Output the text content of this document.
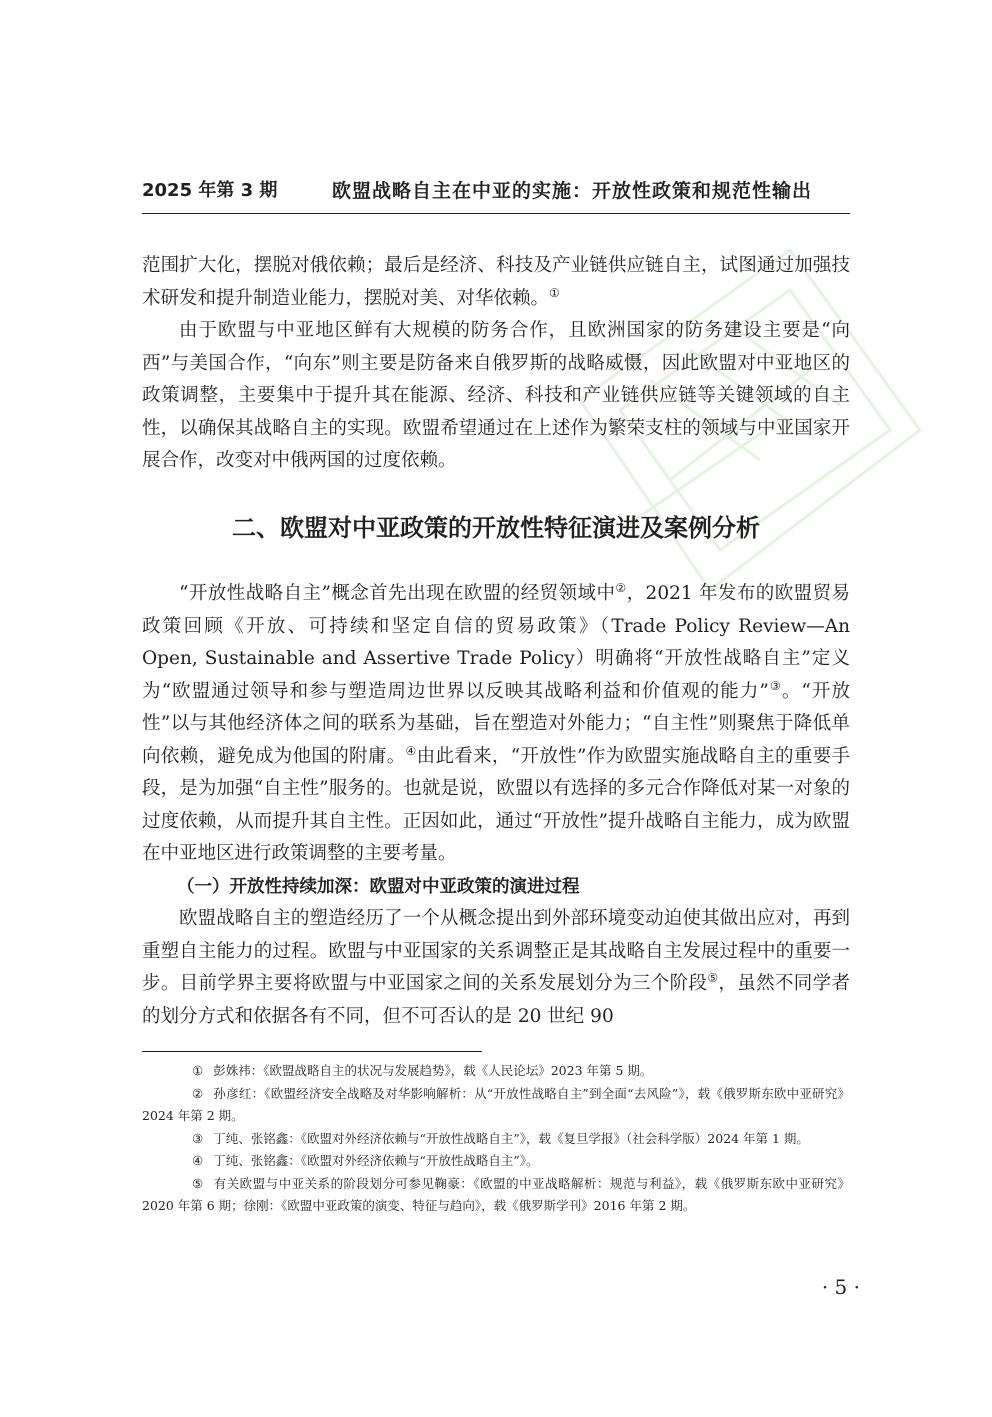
2025 年第 3 期	欧盟战略自主在中亚的实施：开放性政策和规范性输出

范围扩大化，摆脱对俄依赖；最后是经济、科技及产业链供应链自主，试图通过加强技术研发和提升制造业能力，摆脱对美、对华依赖。①

由于欧盟与中亚地区鲜有大规模的防务合作，且欧洲国家的防务建设主要是“向西”与美国合作，“向东”则主要是防备来自俄罗斯的战略威慑，因此欧盟对中亚地区的政策调整，主要集中于提升其在能源、经济、科技和产业链供应链等关键领域的自主性，以确保其战略自主的实现。欧盟希望通过在上述作为繁荣支柱的领域与中亚国家开展合作，改变对中俄两国的过度依赖。

二、欧盟对中亚政策的开放性特征演进及案例分析

“开放性战略自主”概念首先出现在欧盟的经贸领域中②，2021 年发布的欧盟贸易政策回顾《开放、可持续和坚定自信的贸易政策》（Trade Policy Review—An Open, Sustainable and Assertive Trade Policy）明确将“开放性战略自主”定义为“欧盟通过领导和参与塑造周边世界以反映其战略利益和价值观的能力”③。“开放性”以与其他经济体之间的联系为基础，旨在塑造对外能力；“自主性”则聚焦于降低单向依赖，避免成为他国的附庸。④由此看来，“开放性”作为欧盟实施战略自主的重要手段，是为加强“自主性”服务的。也就是说，欧盟以有选择的多元合作降低对某一对象的过度依赖，从而提升其自主性。正因如此，通过“开放性”提升战略自主能力，成为欧盟在中亚地区进行政策调整的主要考量。

（一）开放性持续加深：欧盟对中亚政策的演进过程

欧盟战略自主的塑造经历了一个从概念提出到外部环境变动迫使其做出应对，再到重塑自主能力的过程。欧盟与中亚国家的关系调整正是其战略自主发展过程中的重要一步。目前学界主要将欧盟与中亚国家之间的关系发展划分为三个阶段⑤，虽然不同学者的划分方式和依据各有不同，但不可否认的是 20 世纪 90

① 彭姝祎：《欧盟战略自主的状况与发展趋势》，载《人民论坛》2023 年第 5 期。

② 孙彦红：《欧盟经济安全战略及对华影响解析：从“开放性战略自主”到全面“去风险”》，载《俄罗斯东欧中亚研究》2024 年第 2 期。

③ 丁纯、张铭鑫：《欧盟对外经济依赖与“开放性战略自主”》，载《复旦学报》（社会科学版）2024 年第 1 期。

④ 丁纯、张铭鑫：《欧盟对外经济依赖与“开放性战略自主”》。

⑤ 有关欧盟与中亚关系的阶段划分可参见鞠豪：《欧盟的中亚战略解析：规范与利益》，载《俄罗斯东欧中亚研究》2020 年第 6 期；徐刚：《欧盟中亚政策的演变、特征与趋向》，载《俄罗斯学刊》2016 年第 2 期。

· 5 ·
